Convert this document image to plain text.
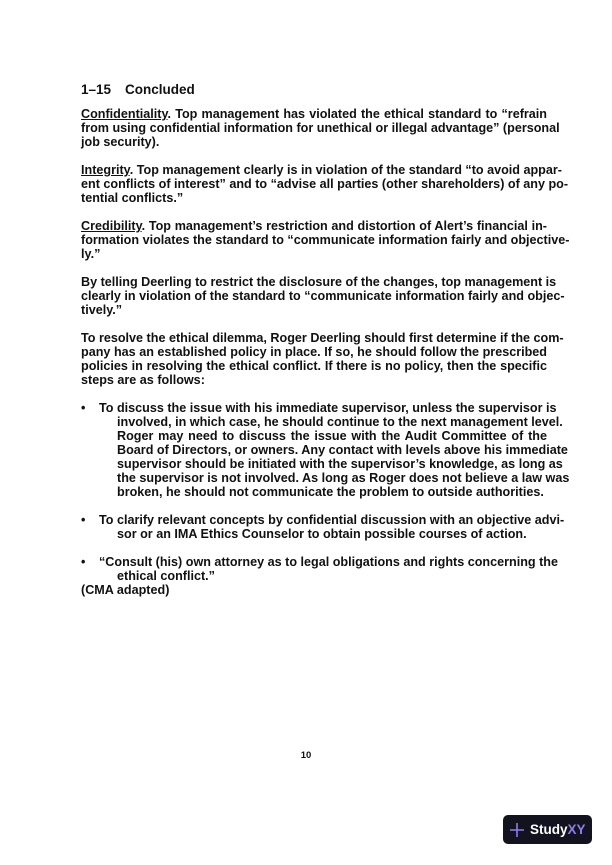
1–15 Concluded
Confidentiality. Top management has violated the ethical standard to “refrain
from using confidential information for unethical or illegal advantage” (personal
job security).
Integrity. Top management clearly is in violation of the standard “to avoid appar-
ent conflicts of interest” and to “advise all parties (other shareholders) of any po-
tential conflicts.”
Credibility. Top management’s restriction and distortion of Alert’s financial in-
formation violates the standard to “communicate information fairly and objective-
ly.”
By telling Deerling to restrict the disclosure of the changes, top management is
clearly in violation of the standard to “communicate information fairly and objec-
tively.”
To resolve the ethical dilemma, Roger Deerling should first determine if the com-
pany has an established policy in place. If so, he should follow the prescribed
policies in resolving the ethical conflict. If there is no policy, then the specific
steps are as follows:
•	To discuss the issue with his immediate supervisor, unless the supervisor is
involved, in which case, he should continue to the next management level.
Roger may need to discuss the issue with the Audit Committee of the
Board of Directors, or owners. Any contact with levels above his immediate
supervisor should be initiated with the supervisor’s knowledge, as long as
the supervisor is not involved. As long as Roger does not believe a law was
broken, he should not communicate the problem to outside authorities.
•	To clarify relevant concepts by confidential discussion with an objective advi-
sor or an IMA Ethics Counselor to obtain possible courses of action.
•	“Consult (his) own attorney as to legal obligations and rights concerning the
ethical conflict.”
(CMA adapted)
10
StudyXY
